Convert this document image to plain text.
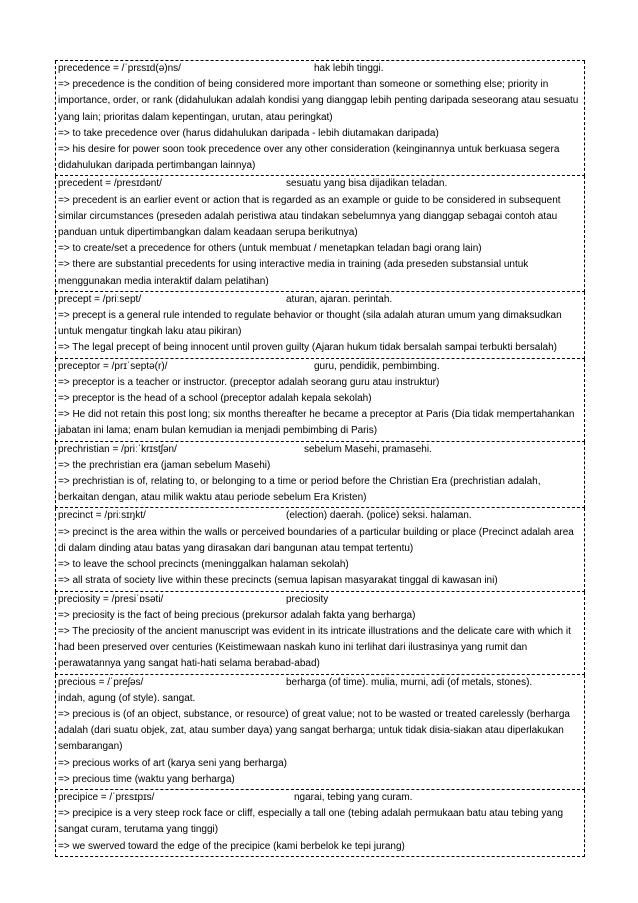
precedence = /ˈprɛsɪd(ə)ns/	hak lebih tinggi.

=> precedence is the condition of being considered more important than someone or something else; priority in importance, order, or rank (didahulukan adalah kondisi yang dianggap lebih penting daripada seseorang atau sesuatu yang lain; prioritas dalam kepentingan, urutan, atau peringkat)

=> to take precedence over (harus didahulukan daripada - lebih diutamakan daripada)

=> his desire for power soon took precedence over any other consideration (keinginannya untuk berkuasa segera didahulukan daripada pertimbangan lainnya)

precedent = /presɪdənt/	sesuatu yang bisa dijadikan teladan.

=> precedent is an earlier event or action that is regarded as an example or guide to be considered in subsequent similar circumstances (preseden adalah peristiwa atau tindakan sebelumnya yang dianggap sebagai contoh atau panduan untuk dipertimbangkan dalam keadaan serupa berikutnya)

=> to create/set a precedence for others (untuk membuat / menetapkan teladan bagi orang lain)

=> there are substantial precedents for using interactive media in training (ada preseden substansial untuk menggunakan media interaktif dalam pelatihan)

precept = /priːsept/	aturan, ajaran. perintah.

=> precept is a general rule intended to regulate behavior or thought (sila adalah aturan umum yang dimaksudkan untuk mengatur tingkah laku atau pikiran)

=> The legal precept of being innocent until proven guilty (Ajaran hukum tidak bersalah sampai terbukti bersalah)

preceptor = /prɪˈseptə(r)/	guru, pendidik, pembimbing.

=> preceptor is a teacher or instructor. (preceptor adalah seorang guru atau instruktur)

=> preceptor is the head of a school (preceptor adalah kepala sekolah)

=> He did not retain this post long; six months thereafter he became a preceptor at Paris (Dia tidak mempertahankan jabatan ini lama; enam bulan kemudian ia menjadi pembimbing di Paris)

prechristian = /priːˈkrɪstʃən/	sebelum Masehi, pramasehi.

=> the prechristian era (jaman sebelum Masehi)

=> prechristian is of, relating to, or belonging to a time or period before the Christian Era (prechristian adalah, berkaitan dengan, atau milik waktu atau periode sebelum Era Kristen)

precinct = /priːsɪŋkt/	(election) daerah. (police) seksi. halaman.

=> precinct is the area within the walls or perceived boundaries of a particular building or place (Precinct adalah area di dalam dinding atau batas yang dirasakan dari bangunan atau tempat tertentu)

=> to leave the school precincts (meninggalkan halaman sekolah)

=> all strata of society live within these precincts (semua lapisan masyarakat tinggal di kawasan ini)

preciosity = /presiˈɒsəti/	preciosity

=> preciosity is the fact of being precious (prekursor adalah fakta yang berharga)

=> The preciosity of the ancient manuscript was evident in its intricate illustrations and the delicate care with which it had been preserved over centuries (Keistimewaan naskah kuno ini terlihat dari ilustrasinya yang rumit dan perawatannya yang sangat hati-hati selama berabad-abad)

precious = /ˈpreʃəs/	berharga (of time). mulia, murni, adi (of metals, stones).

indah, agung (of style). sangat.

=> precious is (of an object, substance, or resource) of great value; not to be wasted or treated carelessly (berharga adalah (dari suatu objek, zat, atau sumber daya) yang sangat berharga; untuk tidak disia-siakan atau diperlakukan sembarangan)

=> precious works of art (karya seni yang berharga)

=> precious time (waktu yang berharga)

precipice = /ˈprɛsɪpɪs/	ngarai, tebing yang curam.

=> precipice is a very steep rock face or cliff, especially a tall one (tebing adalah permukaan batu atau tebing yang sangat curam, terutama yang tinggi)

=> we swerved toward the edge of the precipice (kami berbelok ke tepi jurang)
